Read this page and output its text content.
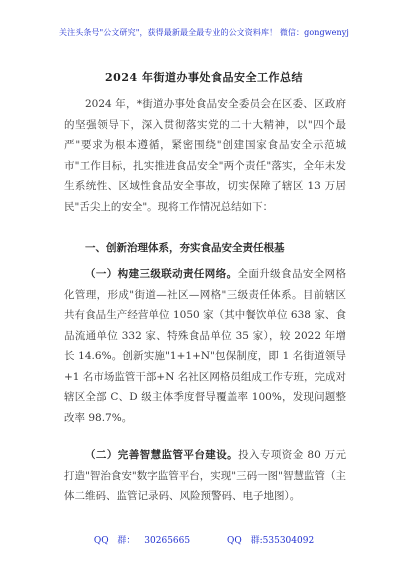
关注头条号"公文研究"，获得最新最全最专业的公文资料库！ 微信：gongwenyj
2024 年街道办事处食品安全工作总结

2024 年，*街道办事处食品安全委员会在区委、区政府的坚强领导下，深入贯彻落实党的二十大精神，以"四个最严"要求为根本遵循，紧密围绕"创建国家食品安全示范城市"工作目标，扎实推进食品安全"两个责任"落实，全年未发生系统性、区域性食品安全事故，切实保障了辖区 13 万居民"舌尖上的安全"。现将工作情况总结如下：

一、创新治理体系，夯实食品安全责任根基

（一）构建三级联动责任网络。全面升级食品安全网格化管理，形成"街道—社区—网格"三级责任体系。目前辖区共有食品生产经营单位 1050 家（其中餐饮单位 638 家、食品流通单位 332 家、特殊食品单位 35 家），较 2022 年增长 14.6%。创新实施"1+1+N"包保制度，即 1 名街道领导+1 名市场监管干部+N 名社区网格员组成工作专班，完成对辖区全部 C、D 级主体季度督导覆盖率 100%，发现问题整改率 98.7%。

（二）完善智慧监管平台建设。投入专项资金 80 万元打造"智治食安"数字监管平台，实现"三码一图"智慧监管（主体二维码、监管记录码、风险预警码、电子地图）。

QQ 群： 30265665	QQ 群:535304092
